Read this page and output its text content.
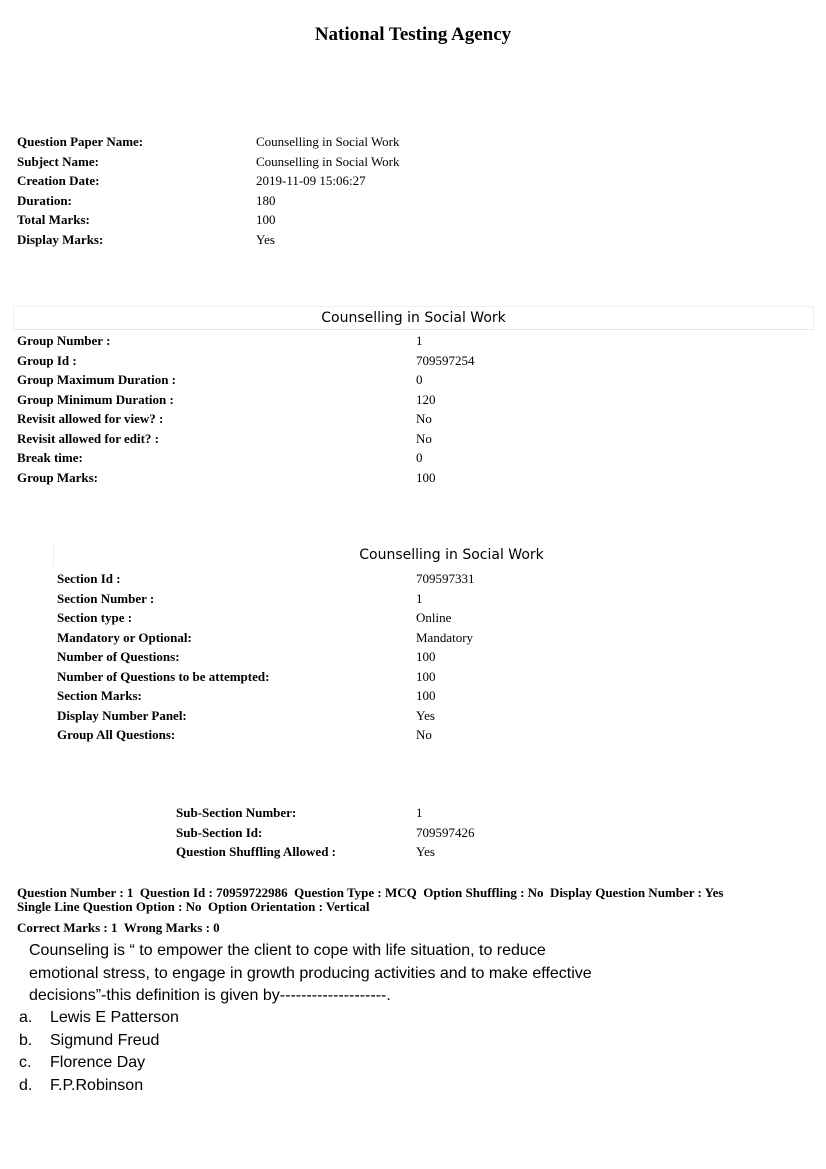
National Testing Agency
Question Paper Name:	Counselling in Social Work
Subject Name:	Counselling in Social Work
Creation Date:	2019-11-09 15:06:27
Duration:	180
Total Marks:	100
Display Marks:	Yes
Counselling in Social Work
Group Number :	1
Group Id :	709597254
Group Maximum Duration :	0
Group Minimum Duration :	120
Revisit allowed for view? :	No
Revisit allowed for edit? :	No
Break time:	0
Group Marks:	100
Counselling in Social Work
Section Id :	709597331
Section Number :	1
Section type :	Online
Mandatory or Optional:	Mandatory
Number of Questions:	100
Number of Questions to be attempted:	100
Section Marks:	100
Display Number Panel:	Yes
Group All Questions:	No
Sub-Section Number:	1
Sub-Section Id:	709597426
Question Shuffling Allowed :	Yes
Question Number : 1  Question Id : 70959722986  Question Type : MCQ  Option Shuffling : No  Display Question Number : Yes
Single Line Question Option : No  Option Orientation : Vertical
Correct Marks : 1  Wrong Marks : 0
Counseling is “ to empower the client to cope with life situation, to reduce
emotional stress, to engage in growth producing activities and to make effective
decisions”-this definition is given by--------------------.
a.	Lewis E Patterson
b.	Sigmund Freud
c.	Florence Day
d.	F.P.Robinson
